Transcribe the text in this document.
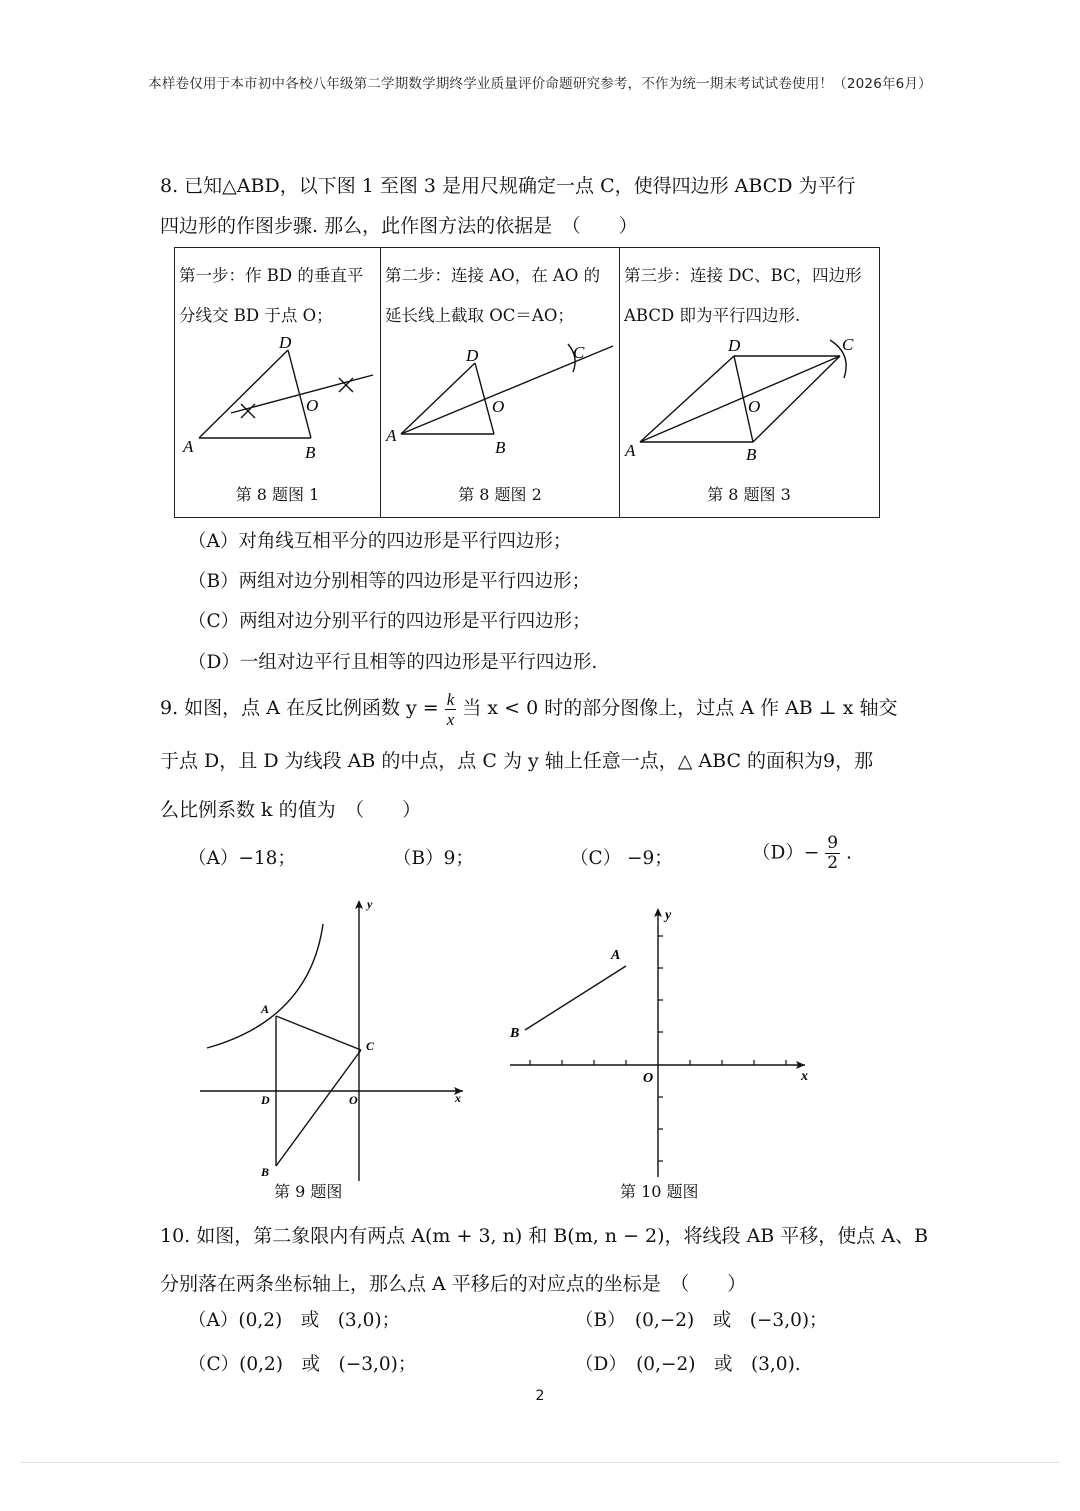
本样卷仅用于本市初中各校八年级第二学期数学期终学业质量评价命题研究参考，不作为统一期末考试试卷使用！（2026年6月）
8. 已知△ABD，以下图 1 至图 3 是用尺规确定一点 C，使得四边形 ABCD 为平行
四边形的作图步骤. 那么，此作图方法的依据是　（　　）
第一步：作 BD 的垂直平
分线交 BD 于点 O；
D
A	B
O
第 8 题图 1
第二步：连接 AO，在 AO 的
延长线上截取 OC＝AO；
D
A
B
O
C
第 8 题图 2
第三步：连接 DC、BC，四边形
ABCD 即为平行四边形.
D
A	B
O
C
第 8 题图 3
（A）对角线互相平分的四边形是平行四边形；
（B）两组对边分别相等的四边形是平行四边形；
（C）两组对边分别平行的四边形是平行四边形；
（D）一组对边平行且相等的四边形是平行四边形.
9. 如图，点 A 在反比例函数 $y = \frac{k}{x}$ 当 x < 0 时的部分图像上，过点 A 作 AB ⊥ x 轴交
于点 D，且 D 为线段 AB 的中点，点 C 为 y 轴上任意一点，△ ABC 的面积为9，那
么比例系数 k 的值为　（　　）
（A）−18；	（B）9；	（C） −9；	$(D)- \frac{9}{2}$ .
y
x
A
D	O
C
B
第 9 题图
y
x
A
B
O
第 10 题图
10. 如图，第二象限内有两点 A(m + 3, n) 和 B(m, n − 2)，将线段 AB 平移，使点 A、B
分别落在两条坐标轴上，那么点 A 平移后的对应点的坐标是　（　　）
（A）(0,2)　或　(3,0)；	（B）　(0,−2)　或　(−3,0)；
（C）(0,2)　或　(−3,0)；	（D）　(0,−2)　或　(3,0).
2
